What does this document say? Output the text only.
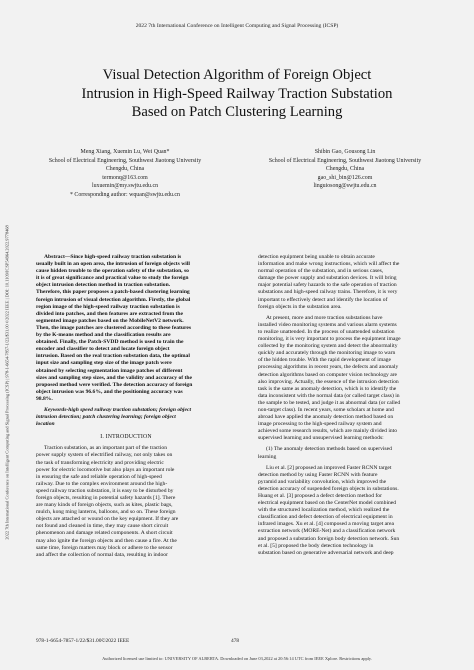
2022 7th International Conference on Intelligent Computing and Signal Processing (ICSP)
Visual Detection Algorithm of Foreign Object
Intrusion in High-Speed Railway Traction Substation
Based on Patch Clustering Learning
Meng Xiang, Xuemin Lu, Wei Quan*
School of Electrical Engineering, Southwest Jiaotong University
Chengdu, China
termonq@163.com
luxuemin@my.swjtu.edu.cn
* Corresponding author: wquan@swjtu.edu.cn
Shibin Gao, Gousong Lin
School of Electrical Engineering, Southwest Jiaotong University
Chengdu, China
gao_shi_bin@126.com
linguiosong@swjtu.edu.cn
2022 7th International Conference on Intelligent Computing and Signal Processing (ICSP) | 978-1-6654-7857-1/22/$31.00 ©2022 IEEE | DOI: 10.1109/ICSP54964.2022.9778468	Abstract—Since high-speed railway traction substation is
usually built in an open area, the intrusion of foreign objects will
cause hidden trouble to the operation safety of the substation, so
it is of great significance and practical value to study the foreign
object intrusion detection method in traction substation.
Therefore, this paper proposes a patch-based clustering learning
foreign intrusion of visual detection algorithm. Firstly, the global
region image of the high-speed railway traction substation is
divided into patches, and then features are extracted from the
segmented image patches based on the MobileNetV2 network.
Then, the image patches are clustered according to these features
by the K-means method and the classification results are
obtained. Finally, the Patch-SVDD method is used to train the
encoder and classifier to detect and locate foreign object
intrusion. Based on the real traction substation data, the optimal
input size and sampling step size of the image patch were
obtained by selecting segmentation image patches of different
sizes and sampling step sizes, and the validity and accuracy of the
proposed method were verified. The detection accuracy of foreign
object intrusion was 96.6%, and the positioning accuracy was
98.8%.

Keywords-high speed railway traction substation; foreign object
intrusion detection; patch clustering learning; foreign object
location

I. INTRODUCTION

Traction substation, as an important part of the traction
power supply system of electrified railway, not only takes on
the task of transforming electricity and providing electric
power for electric locomotive but also plays an important role
in ensuring the safe and reliable operation of high-speed
railway. Due to the complex environment around the high-
speed railway traction substation, it is easy to be disturbed by
foreign objects, resulting in potential safety hazards [1]. There
are many kinds of foreign objects, such as kites, plastic bags,
mulch, kong ming lanterns, balloons, and so on. These foreign
objects are attached or wound on the key equipment. If they are
not found and cleaned in time, they may cause short circuit
phenomenon and damage related components. A short circuit
may also ignite the foreign objects and then cause a fire. At the
same time, foreign matters may block or adhere to the sensor
and affect the collection of normal data, resulting in indoor

detection equipment being unable to obtain accurate
information and make wrong instructions, which will affect the
normal operation of the substation, and in serious cases,
damage the power supply and substation devices. It will bring
major potential safety hazards to the safe operation of traction
substations and high-speed railway trains. Therefore, it is very
important to effectively detect and identify the location of
foreign objects in the substation area.

At present, more and more traction substations have
installed video monitoring systems and various alarm systems
to realize unattended. In the process of unattended substation
monitoring, it is very important to process the equipment image
collected by the monitoring system and detect the abnormality
quickly and accurately through the monitoring image to warn
of the hidden trouble. With the rapid development of image
processing algorithms in recent years, the defects and anomaly
detection algorithms based on computer vision technology are
also improving. Actually, the essence of the intrusion detection
task is the same as anomaly detection, which is to identify the
data inconsistent with the normal data (or called target class) in
the sample to be tested, and judge it as abnormal data (or called
non-target class). In recent years, some scholars at home and
abroad have applied the anomaly detection method based on
image processing to the high-speed railway system and
achieved some research results, which are mainly divided into
supervised learning and unsupervised learning methods:

(1) The anomaly detection methods based on supervised
learning

Liu et al. [2] proposed an improved Faster RCNN target
detection method by using Faster RCNN with feature
pyramid and variability convolution, which improved the
detection accuracy of suspended foreign objects in substations.
Huang et al. [3] proposed a defect detection method for
electrical equipment based on the CenterNet model combined
with the structured localization method, which realized the
classification and defect detection of electrical equipment in
infrared images. Xu et al. [4] composed a moving target area
extraction network (MORE-Net) and a classification network
and proposed a substation foreign body detection network. Sun
et al. [5] proposed the body detection technology in
substation based on generative adversarial network and deep

978-1-6654-7857-1/22/$31.00©2022 IEEE	478
Authorized licensed use limited to: UNIVERSITY OF ALBERTA. Downloaded on June 03,2022 at 20:56:14 UTC from IEEE Xplore. Restrictions apply.
